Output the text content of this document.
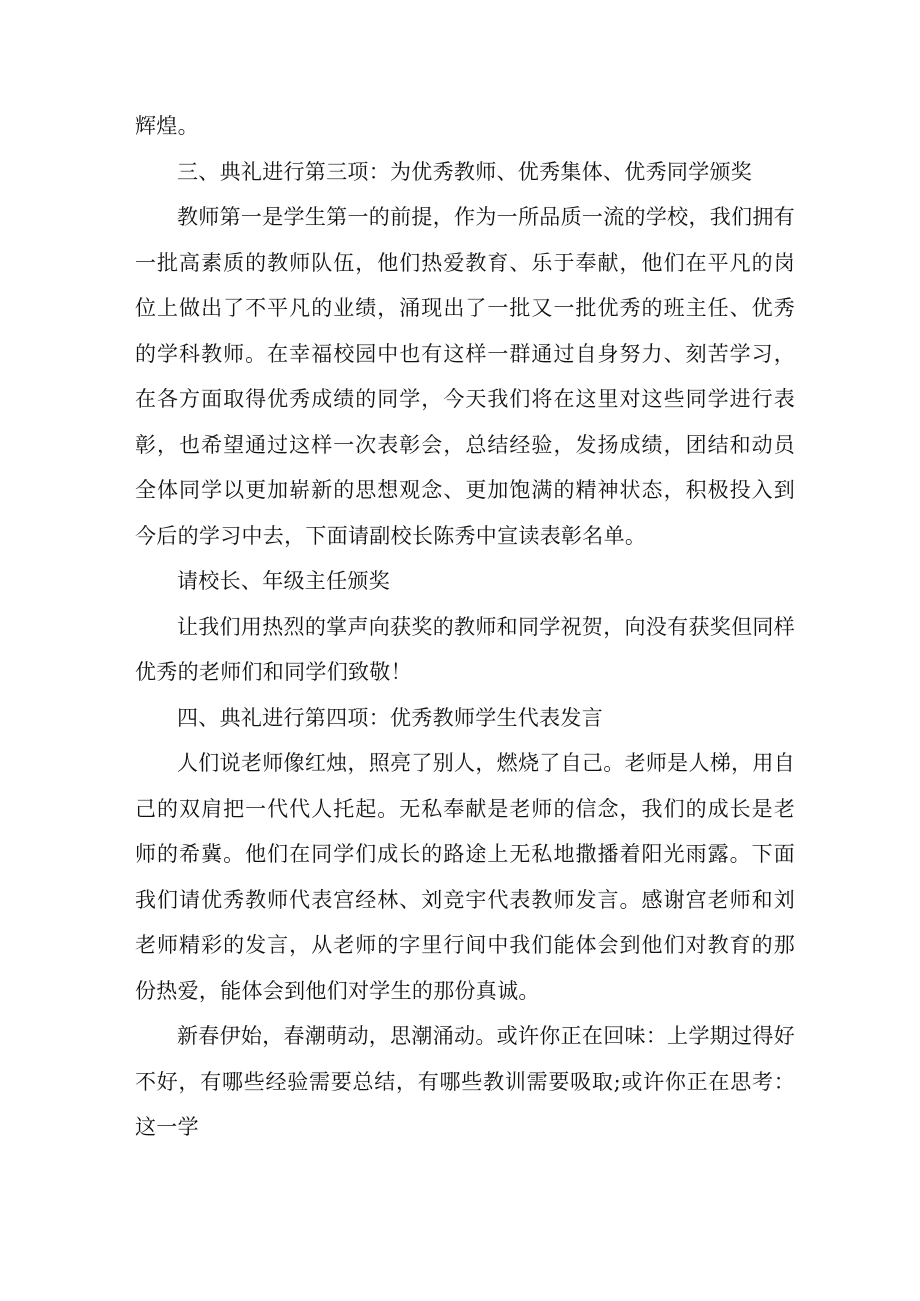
辉煌。

三、典礼进行第三项：为优秀教师、优秀集体、优秀同学颁奖

教师第一是学生第一的前提，作为一所品质一流的学校，我们拥有一批高素质的教师队伍，他们热爱教育、乐于奉献，他们在平凡的岗位上做出了不平凡的业绩，涌现出了一批又一批优秀的班主任、优秀的学科教师。在幸福校园中也有这样一群通过自身努力、刻苦学习，在各方面取得优秀成绩的同学，今天我们将在这里对这些同学进行表彰，也希望通过这样一次表彰会，总结经验，发扬成绩，团结和动员全体同学以更加崭新的思想观念、更加饱满的精神状态，积极投入到今后的学习中去，下面请副校长陈秀中宣读表彰名单。

请校长、年级主任颁奖

让我们用热烈的掌声向获奖的教师和同学祝贺，向没有获奖但同样优秀的老师们和同学们致敬！

四、典礼进行第四项：优秀教师学生代表发言

人们说老师像红烛，照亮了别人，燃烧了自己。老师是人梯，用自己的双肩把一代代人托起。无私奉献是老师的信念，我们的成长是老师的希冀。他们在同学们成长的路途上无私地撒播着阳光雨露。下面我们请优秀教师代表宫经林、刘竞宇代表教师发言。感谢宫老师和刘老师精彩的发言，从老师的字里行间中我们能体会到他们对教育的那份热爱，能体会到他们对学生的那份真诚。

新春伊始，春潮萌动，思潮涌动。或许你正在回味：上学期过得好不好，有哪些经验需要总结，有哪些教训需要吸取;或许你正在思考：这一学
